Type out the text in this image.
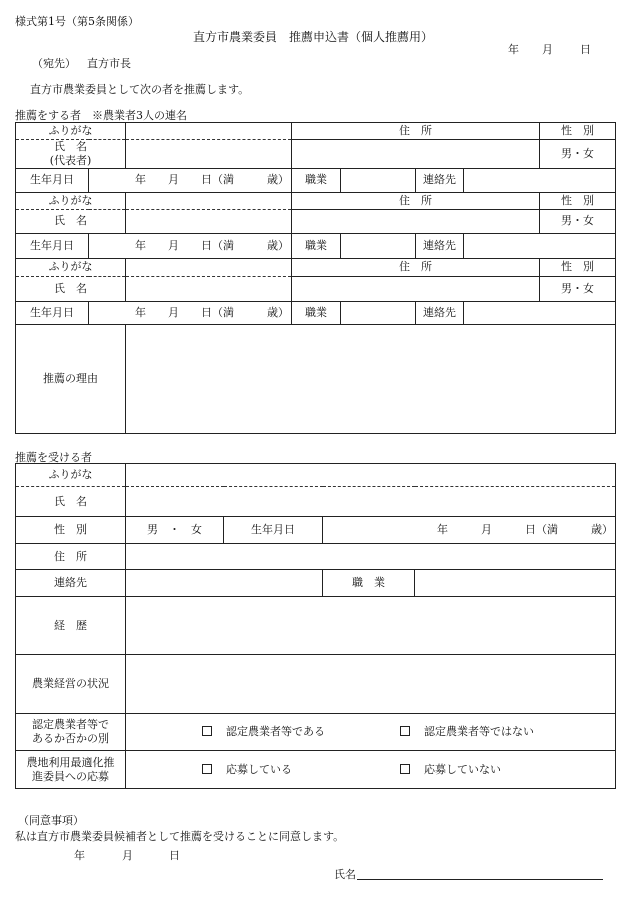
様式第1号（第5条関係）
直方市農業委員　推薦申込書（個人推薦用）
年 月 日
（宛先） 直方市長
直方市農業委員として次の者を推薦します。
推薦をする者　※農業者3人の連名
ふりがな			住　所				性　別
氏　名
(代表者)							男・女
生年月日	年　　月　　日（満　　　歳）		職業		連絡先		
ふりがな			住　所				性　別
氏　名							男・女
生年月日	年　　月　　日（満　　　歳）		職業		連絡先		
ふりがな			住　所				性　別
氏　名							男・女
生年月日	年　　月　　日（満　　　歳）		職業		連絡先		
推薦の理由							
推薦を受ける者
ふりがな				
氏　名				
性　別	男　・　女	生年月日	年　　　月　　　日（満　　　歳）	
住　所				
連絡先			職　業	
経　歴				
農業経営の状況				
認定農業者等で
あるか否かの別	認定農業者等である 認定農業者等ではない			
農地利用最適化推
進委員への応募	応募している 応募していない			
（同意事項）
私は直方市農業委員候補者として推薦を受けることに同意します。
年	月	日
氏名
